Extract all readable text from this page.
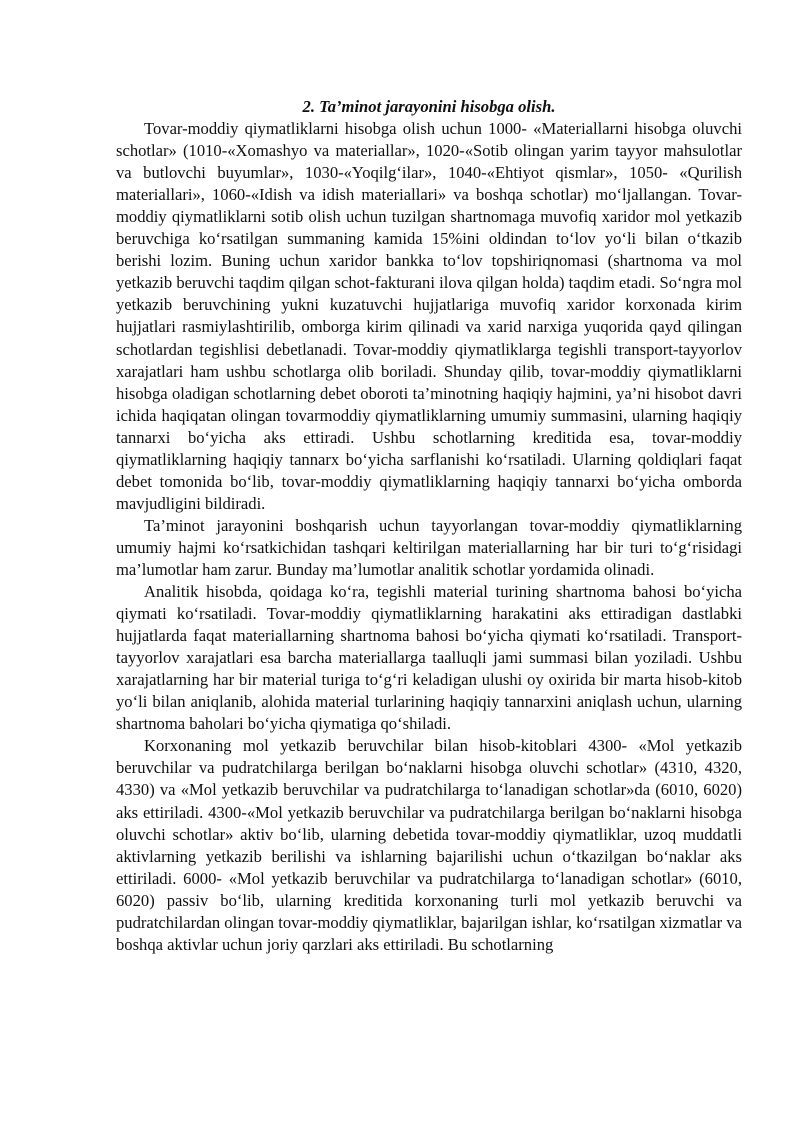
2. Ta’minot jarayonini hisobga olish.

Tovar-moddiy qiymatliklarni hisobga olish uchun 1000- «Materiallarni hisobga oluvchi schotlar» (1010-«Xomashyo va materiallar», 1020-«Sotib olingan yarim tayyor mahsulotlar va butlovchi buyumlar», 1030-«Yoqilg‘ilar», 1040-«Ehtiyot qismlar», 1050- «Qurilish materiallari», 1060-«Idish va idish materiallari» va boshqa schotlar) mo‘ljallangan. Tovar-moddiy qiymatliklarni sotib olish uchun tuzilgan shartnomaga muvofiq xaridor mol yetkazib beruvchiga ko‘rsatilgan summaning kamida 15%ini oldindan to‘lov yo‘li bilan o‘tkazib berishi lozim. Buning uchun xaridor bankka to‘lov topshiriqnomasi (shartnoma va mol yetkazib beruvchi taqdim qilgan schot-fakturani ilova qilgan holda) taqdim etadi. So‘ngra mol yetkazib beruvchining yukni kuzatuvchi hujjatlariga muvofiq xaridor korxonada kirim hujjatlari rasmiylashtirilib, omborga kirim qilinadi va xarid narxiga yuqorida qayd qilingan schotlardan tegishlisi debetlanadi. Tovar-moddiy qiymatliklarga tegishli transport-tayyorlov xarajatlari ham ushbu schotlarga olib boriladi. Shunday qilib, tovar-moddiy qiymatliklarni hisobga oladigan schotlarning debet oboroti ta’minotning haqiqiy hajmini, ya’ni hisobot davri ichida haqiqatan olingan tovarmoddiy qiymatliklarning umumiy summasini, ularning haqiqiy tannarxi bo‘yicha aks ettiradi. Ushbu schotlarning kreditida esa, tovar-moddiy qiymatliklarning haqiqiy tannarx bo‘yicha sarflanishi ko‘rsatiladi. Ularning qoldiqlari faqat debet tomonida bo‘lib, tovar-moddiy qiymatliklarning haqiqiy tannarxi bo‘yicha omborda mavjudligini bildiradi.

Ta’minot jarayonini boshqarish uchun tayyorlangan tovar-moddiy qiymatliklarning umumiy hajmi ko‘rsatkichidan tashqari keltirilgan materiallarning har bir turi to‘g‘risidagi ma’lumotlar ham zarur. Bunday ma’lumotlar analitik schotlar yordamida olinadi.

Analitik hisobda, qoidaga ko‘ra, tegishli material turining shartnoma bahosi bo‘yicha qiymati ko‘rsatiladi. Tovar-moddiy qiymatliklarning harakatini aks ettiradigan dastlabki hujjatlarda faqat materiallarning shartnoma bahosi bo‘yicha qiymati ko‘rsatiladi. Transport-tayyorlov xarajatlari esa barcha materiallarga taalluqli jami summasi bilan yoziladi. Ushbu xarajatlarning har bir material turiga to‘g‘ri keladigan ulushi oy oxirida bir marta hisob-kitob yo‘li bilan aniqlanib, alohida material turlarining haqiqiy tannarxini aniqlash uchun, ularning shartnoma baholari bo‘yicha qiymatiga qo‘shiladi.

Korxonaning mol yetkazib beruvchilar bilan hisob-kitoblari 4300- «Mol yetkazib beruvchilar va pudratchilarga berilgan bo‘naklarni hisobga oluvchi schotlar» (4310, 4320, 4330) va «Mol yetkazib beruvchilar va pudratchilarga to‘lanadigan schotlar»da (6010, 6020) aks ettiriladi. 4300-«Mol yetkazib beruvchilar va pudratchilarga berilgan bo‘naklarni hisobga oluvchi schotlar» aktiv bo‘lib, ularning debetida tovar-moddiy qiymatliklar, uzoq muddatli aktivlarning yetkazib berilishi va ishlarning bajarilishi uchun o‘tkazilgan bo‘naklar aks ettiriladi. 6000- «Mol yetkazib beruvchilar va pudratchilarga to‘lanadigan schotlar» (6010, 6020) passiv bo‘lib, ularning kreditida korxonaning turli mol yetkazib beruvchi va pudratchilardan olingan tovar-moddiy qiymatliklar, bajarilgan ishlar, ko‘rsatilgan xizmatlar va boshqa aktivlar uchun joriy qarzlari aks ettiriladi. Bu schotlarning
